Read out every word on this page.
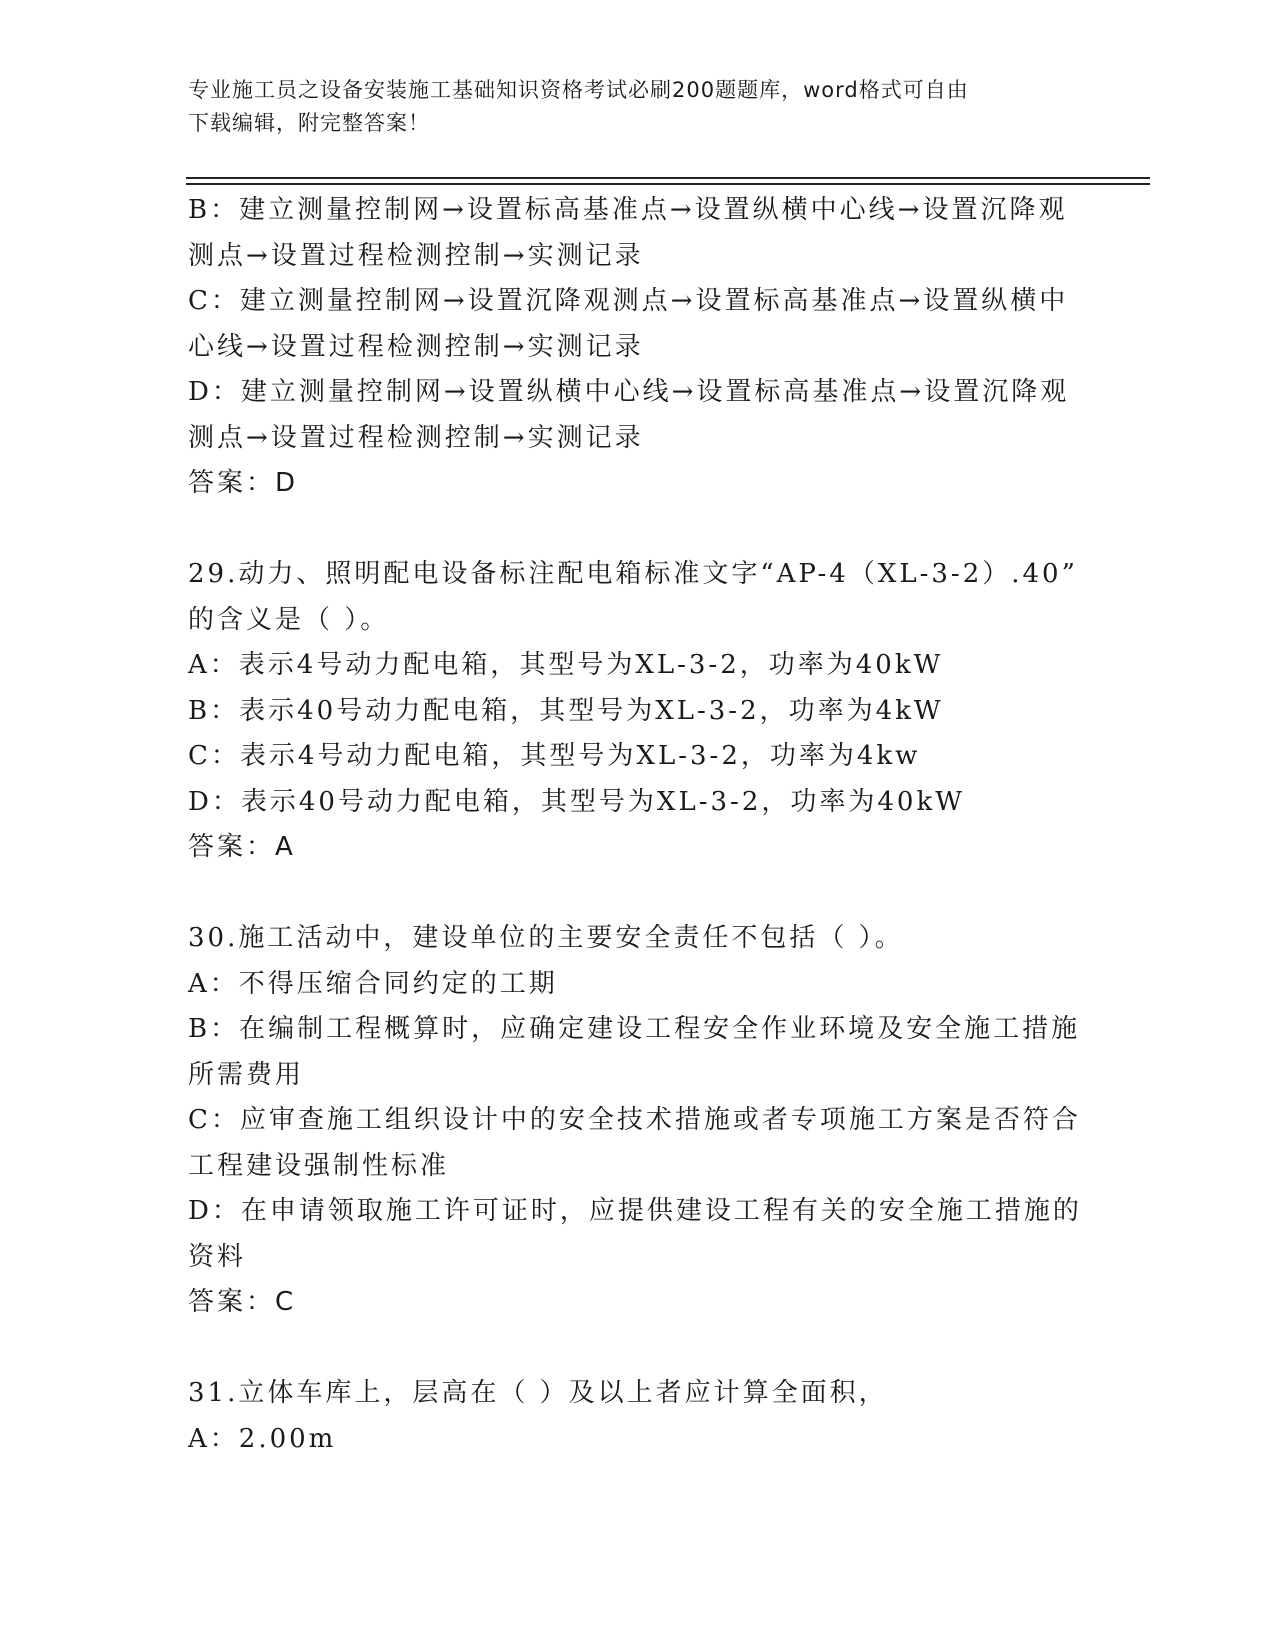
专业施工员之设备安装施工基础知识资格考试必刷200题题库，word格式可自由
下载编辑，附完整答案！
B：建立测量控制网→设置标高基准点→设置纵横中心线→设置沉降观
测点→设置过程检测控制→实测记录
C：建立测量控制网→设置沉降观测点→设置标高基准点→设置纵横中
心线→设置过程检测控制→实测记录
D：建立测量控制网→设置纵横中心线→设置标高基准点→设置沉降观
测点→设置过程检测控制→实测记录
答案：D
29.动力、照明配电设备标注配电箱标准文字“AP-4（XL-3-2）.40”
的含义是（ ）。
A：表示4号动力配电箱，其型号为XL-3-2，功率为40kW
B：表示40号动力配电箱，其型号为XL-3-2，功率为4kW
C：表示4号动力配电箱，其型号为XL-3-2，功率为4kw
D：表示40号动力配电箱，其型号为XL-3-2，功率为40kW
答案：A
30.施工活动中，建设单位的主要安全责任不包括（ ）。
A：不得压缩合同约定的工期
B：在编制工程概算时，应确定建设工程安全作业环境及安全施工措施
所需费用
C：应审查施工组织设计中的安全技术措施或者专项施工方案是否符合
工程建设强制性标准
D：在申请领取施工许可证时，应提供建设工程有关的安全施工措施的
资料
答案：C
31.立体车库上，层高在（ ）及以上者应计算全面积，
A：2.00m
